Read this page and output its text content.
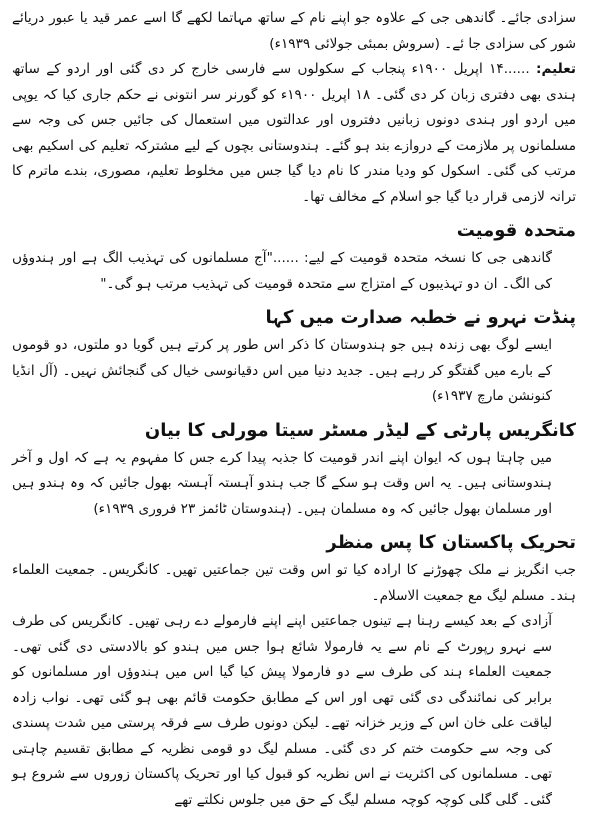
سزادی جائے۔ گاندھی جی کے علاوہ جو اپنے نام کے ساتھ مہاتما لکھے گا اسے عمر قید یا عبور دریائے شور کی سزادی جا ئے۔ (سروش بمبئی جولائی ۱۹۳۹ء)

تعلیم: ......۱۴ اپریل ۱۹۰۰ء پنجاب کے سکولوں سے فارسی خارج کر دی گئی اور اردو کے ساتھ ہندی بھی دفتری زبان کر دی گئی۔ ۱۸ اپریل ۱۹۰۰ء کو گورنر سر انتونی نے حکم جاری کیا کہ یوپی میں اردو اور ہندی دونوں زبانیں دفتروں اور عدالتوں میں استعمال کی جائیں جس کی وجہ سے مسلمانوں پر ملازمت کے دروازے بند ہو گئے۔ ہندوستانی بچوں کے لیے مشترکہ تعلیم کی اسکیم بھی مرتب کی گئی۔ اسکول کو ودیا مندر کا نام دیا گیا جس میں مخلوط تعلیم، مصوری، بندے ماترم کا ترانہ لازمی قرار دیا گیا جو اسلام کے مخالف تھا۔

متحدہ قومیت

گاندھی جی کا نسخہ متحدہ قومیت کے لیے: ......"آج مسلمانوں کی تہذیب الگ ہے اور ہندوؤں کی الگ۔ ان دو تہذیبوں کے امتزاج سے متحدہ قومیت کی تہذیب مرتب ہو گی۔"

پنڈت نہرو نے خطبہ صدارت میں کہا

ایسے لوگ بھی زندہ ہیں جو ہندوستان کا ذکر اس طور پر کرتے ہیں گویا دو ملتوں، دو قوموں کے بارے میں گفتگو کر رہے ہیں۔ جدید دنیا میں اس دقیانوسی خیال کی گنجائش نہیں۔ (آل انڈیا کنونشن مارچ ۱۹۳۷ء)

کانگریس پارٹی کے لیڈر مسٹر سیتا مورلی کا بیان

میں چاہتا ہوں کہ ایوان اپنے اندر قومیت کا جذبہ پیدا کرے جس کا مفہوم یہ ہے کہ اول و آخر ہندوستانی ہیں۔ یہ اس وقت ہو سکے گا جب ہندو آہستہ آہستہ بھول جائیں کہ وہ ہندو ہیں اور مسلمان بھول جائیں کہ وہ مسلمان ہیں۔ (ہندوستان ٹائمز ۲۳ فروری ۱۹۳۹ء)

تحریک پاکستان کا پس منظر

جب انگریز نے ملک چھوڑنے کا ارادہ کیا تو اس وقت تین جماعتیں تھیں۔ کانگریس۔ جمعیت العلماء ہند۔ مسلم لیگ مع جمعیت الاسلام۔

آزادی کے بعد کیسے رہنا ہے تینوں جماعتیں اپنے اپنے فارمولے دے رہی تھیں۔ کانگریس کی طرف سے نہرو رپورٹ کے نام سے یہ فارمولا شائع ہوا جس میں ہندو کو بالادستی دی گئی تھی۔ جمعیت العلماء ہند کی طرف سے دو فارمولا پیش کیا گیا اس میں ہندوؤں اور مسلمانوں کو برابر کی نمائندگی دی گئی تھی اور اس کے مطابق حکومت قائم بھی ہو گئی تھی۔ نواب زادہ لیاقت علی خان اس کے وزیر خزانہ تھے۔ لیکن دونوں طرف سے فرقہ پرستی میں شدت پسندی کی وجہ سے حکومت ختم کر دی گئی۔ مسلم لیگ دو قومی نظریہ کے مطابق تقسیم چاہتی تھی۔ مسلمانوں کی اکثریت نے اس نظریہ کو قبول کیا اور تحریک پاکستان زوروں سے شروع ہو گئی۔ گلی گلی کوچہ کوچہ مسلم لیگ کے حق میں جلوس نکلتے تھے
